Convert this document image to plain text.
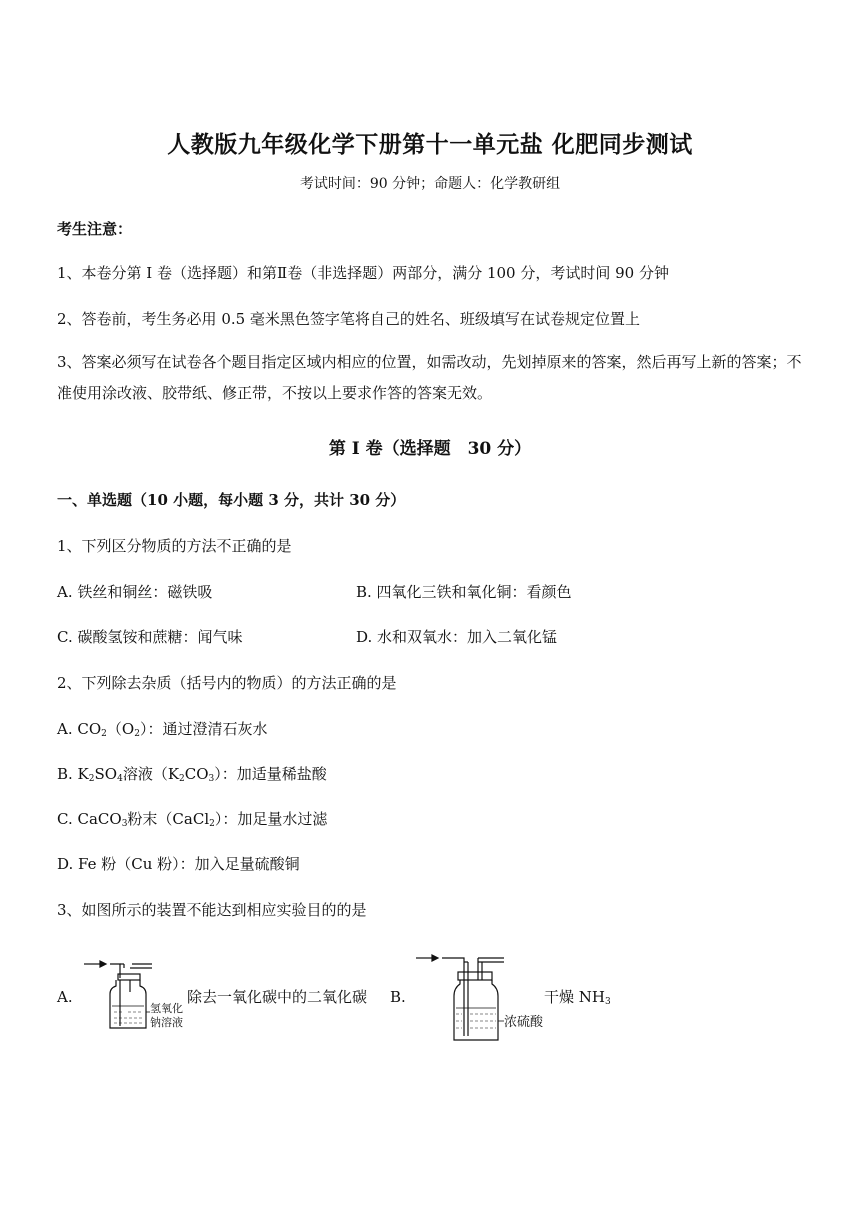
人教版九年级化学下册第十一单元盐 化肥同步测试
考试时间：90 分钟；命题人：化学教研组
考生注意：
1、本卷分第 I 卷（选择题）和第Ⅱ卷（非选择题）两部分，满分 100 分，考试时间 90 分钟
2、答卷前，考生务必用 0.5 毫米黑色签字笔将自己的姓名、班级填写在试卷规定位置上
3、答案必须写在试卷各个题目指定区域内相应的位置，如需改动，先划掉原来的答案，然后再写上新的答案；不准使用涂改液、胶带纸、修正带，不按以上要求作答的答案无效。
第 I 卷（选择题　30 分）
一、单选题（10 小题，每小题 3 分，共计 30 分）
1、下列区分物质的方法不正确的是
A. 铁丝和铜丝：磁铁吸	B. 四氧化三铁和氧化铜：看颜色
C. 碳酸氢铵和蔗糖：闻气味	D. 水和双氧水：加入二氧化锰
2、下列除去杂质（括号内的物质）的方法正确的是
A. $CO_2(O_2)$：通过澄清石灰水
B. $K_2SO_4$溶液$(K_2CO_3)$：加适量稀盐酸
C. CaCO$_3$粉末（CaCl$_2$）：加足量水过滤
D. Fe 粉（Cu 粉）：加入足量硫酸铜
3、如图所示的装置不能达到相应实验目的的是
A.
氢氧化
钠溶液
除去一氧化碳中的二氧化碳 B.
浓硫酸
干燥 $NH_3$
